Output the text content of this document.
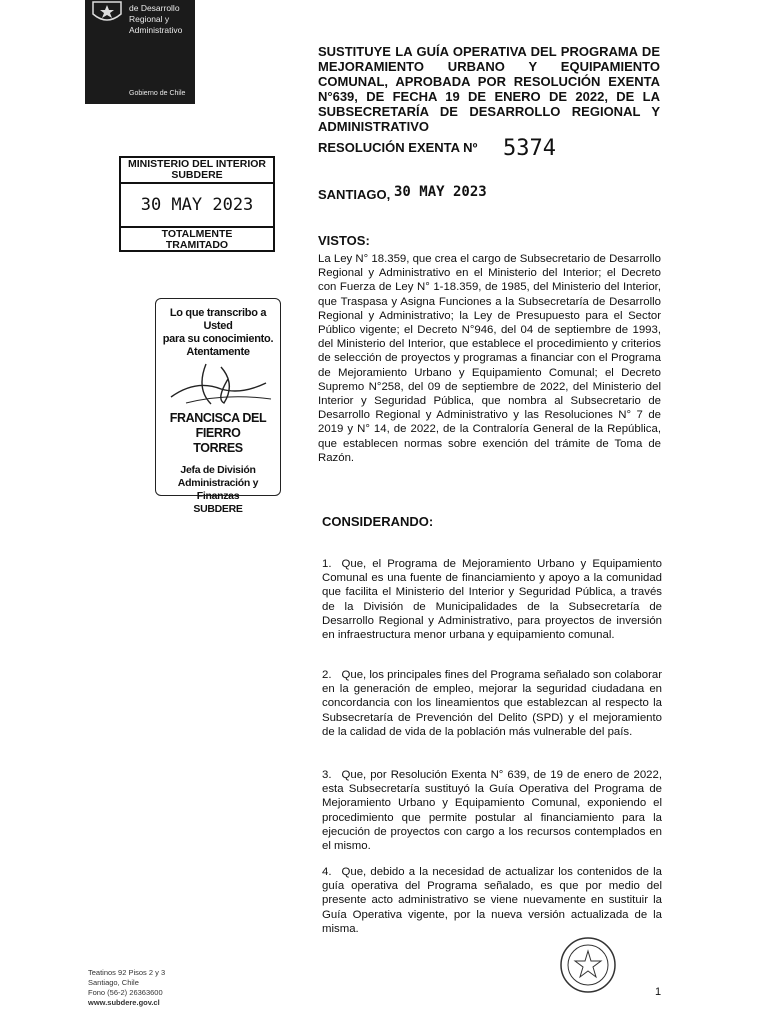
de Desarrollo
Regional y
Administrativo
Gobierno de Chile
SUSTITUYE LA GUÍA OPERATIVA DEL PROGRAMA DE MEJORAMIENTO URBANO Y EQUIPAMIENTO COMUNAL, APROBADA POR RESOLUCIÓN EXENTA N°639, DE FECHA 19 DE ENERO DE 2022, DE LA SUBSECRETARÍA DE DESARROLLO REGIONAL Y ADMINISTRATIVO
RESOLUCIÓN EXENTA Nº 5374
SANTIAGO, 30 MAY 2023
MINISTERIO DEL INTERIOR
SUBDERE
30 MAY 2023
TOTALMENTE
TRAMITADO
Lo que transcribo a Usted
para su conocimiento.
Atentamente
FRANCISCA DEL FIERRO
TORRES
Jefa de División
Administración y Finanzas
SUBDERE
VISTOS:
La Ley N° 18.359, que crea el cargo de Subsecretario de Desarrollo Regional y Administrativo en el Ministerio del Interior; el Decreto con Fuerza de Ley N° 1-18.359, de 1985, del Ministerio del Interior, que Traspasa y Asigna Funciones a la Subsecretaría de Desarrollo Regional y Administrativo; la Ley de Presupuesto para el Sector Público vigente; el Decreto N°946, del 04 de septiembre de 1993, del Ministerio del Interior, que establece el procedimiento y criterios de selección de proyectos y programas a financiar con el Programa de Mejoramiento Urbano y Equipamiento Comunal; el Decreto Supremo N°258, del 09 de septiembre de 2022, del Ministerio del Interior y Seguridad Pública, que nombra al Subsecretario de Desarrollo Regional y Administrativo y las Resoluciones N° 7 de 2019 y N° 14, de 2022, de la Contraloría General de la República, que establecen normas sobre exención del trámite de Toma de Razón.
CONSIDERANDO:
1. Que, el Programa de Mejoramiento Urbano y Equipamiento Comunal es una fuente de financiamiento y apoyo a la comunidad que facilita el Ministerio del Interior y Seguridad Pública, a través de la División de Municipalidades de la Subsecretaría de Desarrollo Regional y Administrativo, para proyectos de inversión en infraestructura menor urbana y equipamiento comunal.
2. Que, los principales fines del Programa señalado son colaborar en la generación de empleo, mejorar la seguridad ciudadana en concordancia con los lineamientos que establezcan al respecto la Subsecretaría de Prevención del Delito (SPD) y el mejoramiento de la calidad de vida de la población más vulnerable del país.
3. Que, por Resolución Exenta N° 639, de 19 de enero de 2022, esta Subsecretaría sustituyó la Guía Operativa del Programa de Mejoramiento Urbano y Equipamiento Comunal, exponiendo el procedimiento que permite postular al financiamiento para la ejecución de proyectos con cargo a los recursos contemplados en el mismo.
4. Que, debido a la necesidad de actualizar los contenidos de la guía operativa del Programa señalado, es que por medio del presente acto administrativo se viene nuevamente en sustituir la Guía Operativa vigente, por la nueva versión actualizada de la misma.
Teatinos 92 Pisos 2 y 3
Santiago, Chile
Fono (56-2) 26363600
www.subdere.gov.cl
1
